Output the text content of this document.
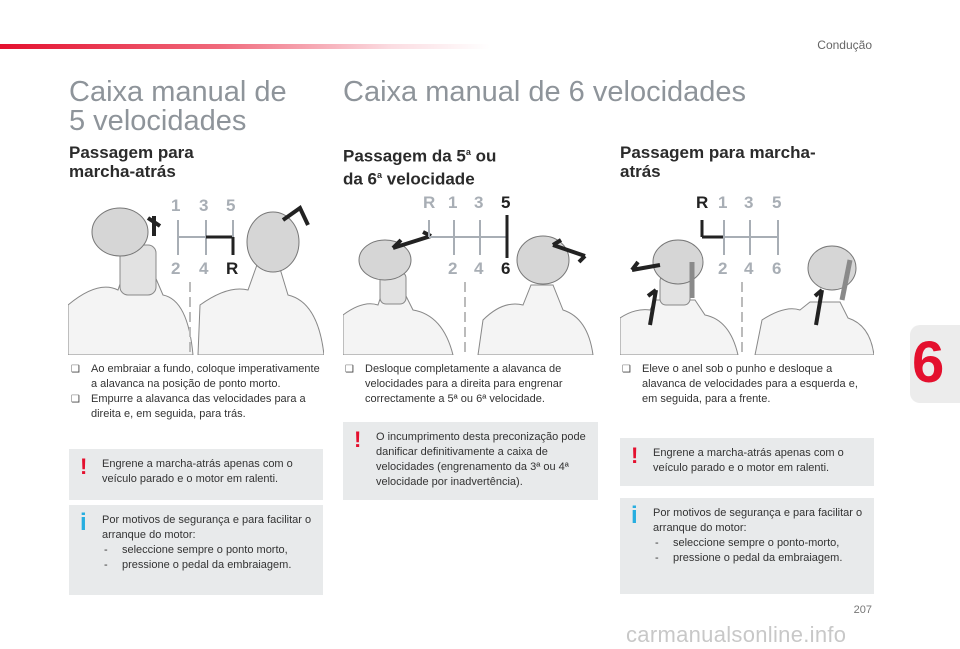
Condução
Caixa manual de
5 velocidades
Passagem para
marcha-atrás
1 3 5
2 4 R
❑ Ao embraiar a fundo, coloque imperativamente a alavanca na posição de ponto morto.
❑ Empurre a alavanca das velocidades para a direita e, em seguida, para trás.
! Engrene a marcha-atrás apenas com o veículo parado e o motor em ralenti.
i Por motivos de segurança e para facilitar o arranque do motor:
- seleccione sempre o ponto morto,
- pressione o pedal da embraiagem.
Caixa manual de 6 velocidades
Passagem da 5$^a$ ou
da 6$^a$ velocidade
R 1 3 5
2 4 6
❑ Desloque completamente a alavanca de velocidades para a direita para engrenar correctamente a 5ª ou 6ª velocidade.
! O incumprimento desta preconização pode danificar definitivamente a caixa de velocidades (engrenamento da 3ª ou 4ª velocidade por inadvertência).
Passagem para marcha-
atrás
R 1 3 5
2 4 6
❑ Eleve o anel sob o punho e desloque a alavanca de velocidades para a esquerda e, em seguida, para a frente.
! Engrene a marcha-atrás apenas com o veículo parado e o motor em ralenti.
i Por motivos de segurança e para facilitar o arranque do motor:
- seleccione sempre o ponto-morto,
- pressione o pedal da embraiagem.
6
207
carmanualsonline.info
